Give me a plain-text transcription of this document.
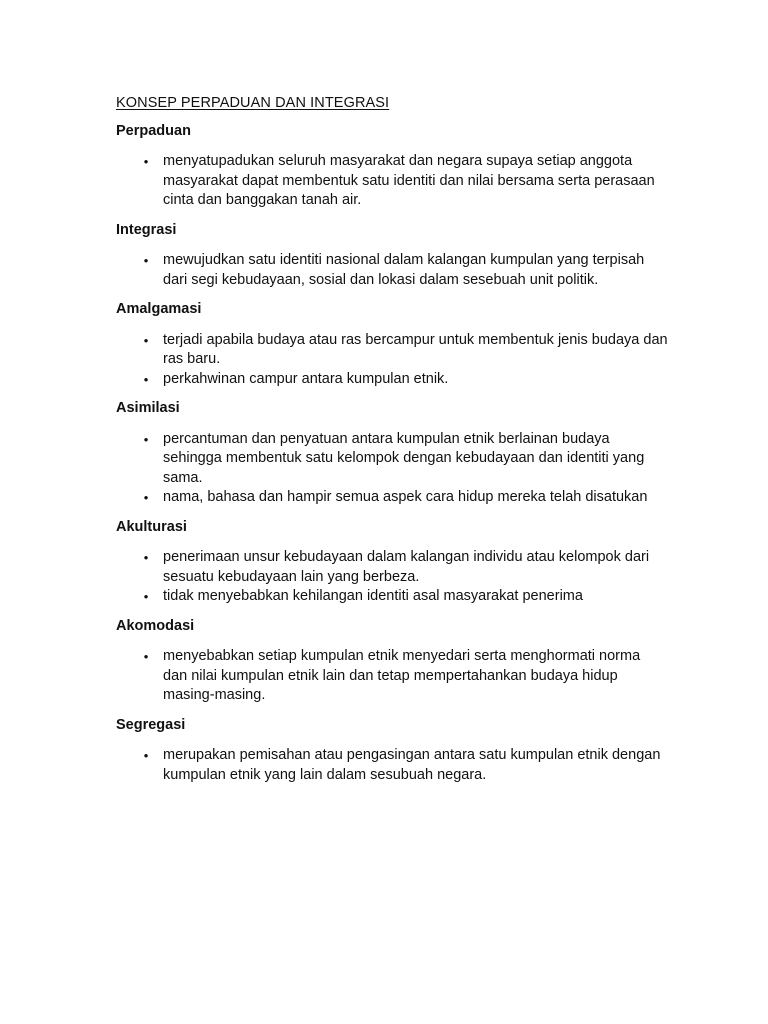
KONSEP PERPADUAN DAN INTEGRASI
Perpaduan
• menyatupadukan seluruh masyarakat dan negara supaya setiap anggota masyarakat dapat membentuk satu identiti dan nilai bersama serta perasaan cinta dan banggakan tanah air.
Integrasi
• mewujudkan satu identiti nasional dalam kalangan kumpulan yang terpisah dari segi kebudayaan, sosial dan lokasi dalam sesebuah unit politik.
Amalgamasi
• terjadi apabila budaya atau ras bercampur untuk membentuk jenis budaya dan ras baru.
• perkahwinan campur antara kumpulan etnik.
Asimilasi
• percantuman dan penyatuan antara kumpulan etnik berlainan budaya sehingga membentuk satu kelompok dengan kebudayaan dan identiti yang sama.
• nama, bahasa dan hampir semua aspek cara hidup mereka telah disatukan
Akulturasi
• penerimaan unsur kebudayaan dalam kalangan individu atau kelompok dari sesuatu kebudayaan lain yang berbeza.
• tidak menyebabkan kehilangan identiti asal masyarakat penerima
Akomodasi
• menyebabkan setiap kumpulan etnik menyedari serta menghormati norma dan nilai kumpulan etnik lain dan tetap mempertahankan budaya hidup masing-masing.
Segregasi
• merupakan pemisahan atau pengasingan antara satu kumpulan etnik dengan kumpulan etnik yang lain dalam sesubuah negara.
